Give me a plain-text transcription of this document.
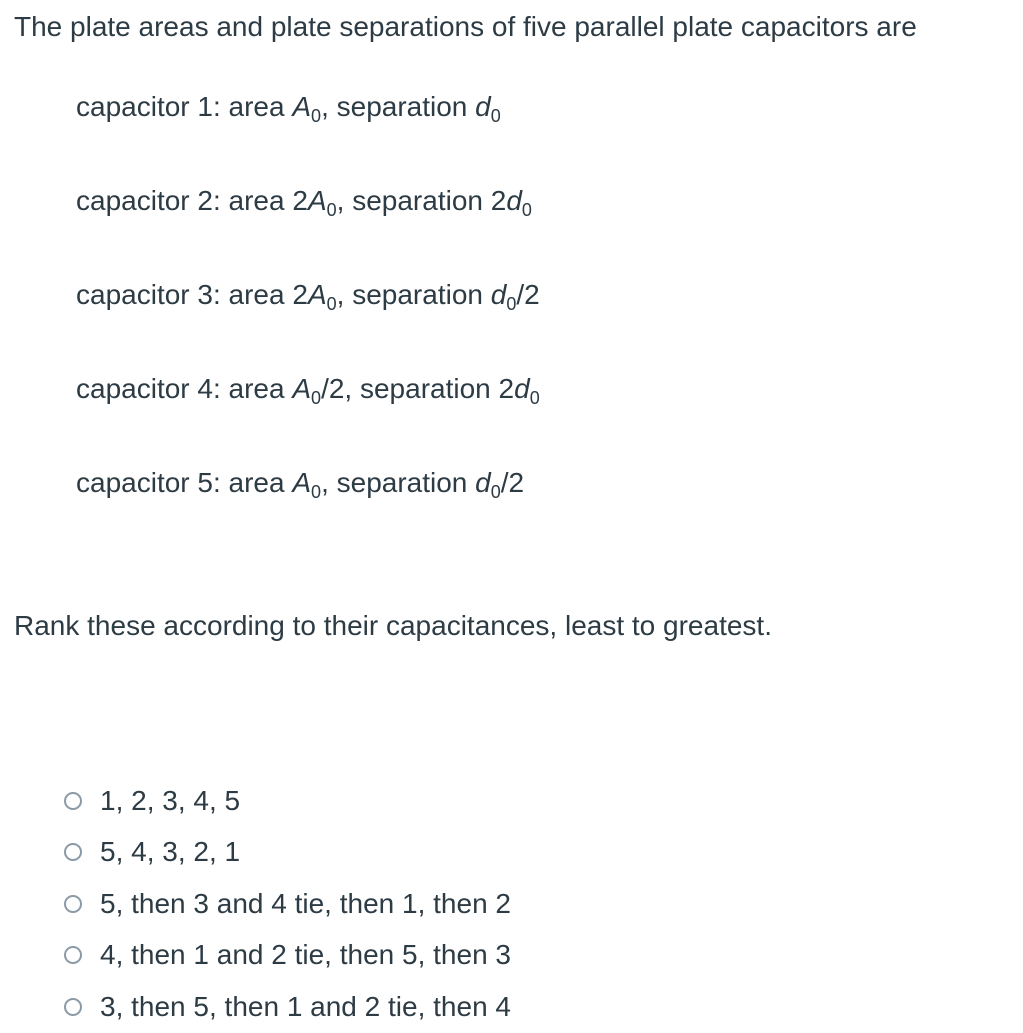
The plate areas and plate separations of five parallel plate capacitors are
capacitor 1: area $A_0$, separation $d_0$
capacitor 2: area $2A_0$, separation $2d_0$
capacitor 3: area $2A_0$, separation $d_0/2$
capacitor 4: area $A_0/2$, separation $2d_0$
capacitor 5: area $A_0$, separation $d_0/2$
Rank these according to their capacitances, least to greatest.
1, 2, 3, 4, 5
5, 4, 3, 2, 1
5, then 3 and 4 tie, then 1, then 2
4, then 1 and 2 tie, then 5, then 3
3, then 5, then 1 and 2 tie, then 4
